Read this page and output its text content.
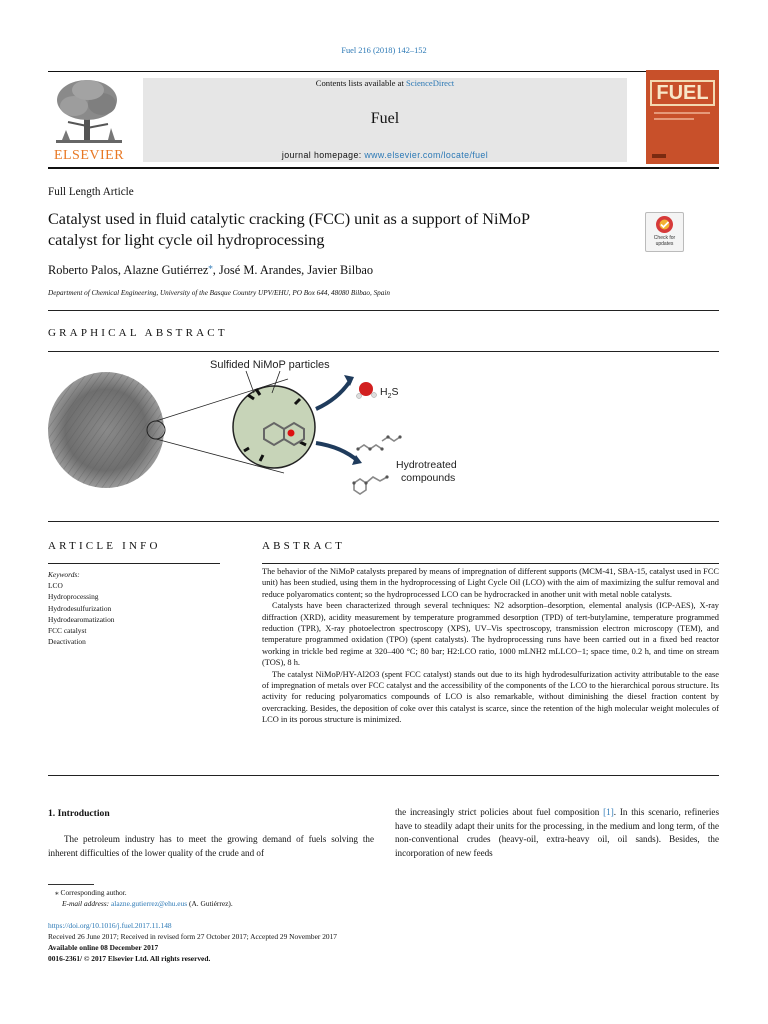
Fuel 216 (2018) 142–152
ELSEVIER
Contents lists available at ScienceDirect
Fuel
journal homepage: www.elsevier.com/locate/fuel
FUEL
Full Length Article
Catalyst used in fluid catalytic cracking (FCC) unit as a support of NiMoP
catalyst for light cycle oil hydroprocessing	Check for updates
Roberto Palos, Alazne Gutiérrez⁎, José M. Arandes, Javier Bilbao
Department of Chemical Engineering, University of the Basque Country UPV/EHU, PO Box 644, 48080 Bilbao, Spain
GRAPHICAL ABSTRACT
Sulfided NiMoP particles
$H_2S$
Hydrotreated
compounds
ARTICLE INFO
Keywords:
LCO
Hydroprocessing
Hydrodesulfurization
Hydrodearomatization
FCC catalyst
Deactivation
ABSTRACT

The behavior of the NiMoP catalysts prepared by means of impregnation of different supports (MCM-41, SBA-15, catalyst used in FCC unit) has been studied, using them in the hydroprocessing of Light Cycle Oil (LCO) with the aim of maximizing the sulfur removal and reduce polyaromatics content; so the hydroprocessed LCO can be hydrocracked in another unit with metal noble catalysts.

Catalysts have been characterized through several techniques: N2 adsorption–desorption, elemental analysis (ICP-AES), X-ray diffraction (XRD), acidity measurement by temperature programmed desorption (TPD) of tert-butylamine, temperature programmed reduction (TPR), X-ray photoelectron spectroscopy (XPS), UV–Vis spectroscopy, transmission electron microscopy (TEM), and temperature programmed oxidation (TPO) (spent catalysts). The hydroprocessing runs have been carried out in a fixed bed reactor working in trickle bed regime at 320–400 °C; 80 bar; H2:LCO ratio, 1000 mLNH2 mLLCO−1; space time, 0.2 h, and time on stream (TOS), 8 h.

The catalyst NiMoP/HY-Al2O3 (spent FCC catalyst) stands out due to its high hydrodesulfurization activity attributable to the ease of impregnation of metals over FCC catalyst and the accessibility of the components of the LCO to the hierarchical porous structure. Its activity for reducing polyaromatics compounds of LCO is also remarkable, without diminishing the diesel fraction content by overcracking. Besides, the deposition of coke over this catalyst is scarce, since the retention of the high molecular weight molecules of LCO in its porous structure is minimized.

1. Introduction
The petroleum industry has to meet the growing demand of fuels solving the inherent difficulties of the lower quality of the crude and of
the increasingly strict policies about fuel composition [1]. In this scenario, refineries have to steadily adapt their units for the processing, in the medium and long term, of the non-conventional crudes (heavy-oil, extra-heavy oil, oil sands). Besides, the incorporation of new feeds
⁎ Corresponding author.
E-mail address: alazne.gutierrez@ehu.eus (A. Gutiérrez).
https://doi.org/10.1016/j.fuel.2017.11.148
Received 26 June 2017; Received in revised form 27 October 2017; Accepted 29 November 2017
Available online 08 December 2017
0016-2361/ © 2017 Elsevier Ltd. All rights reserved.
